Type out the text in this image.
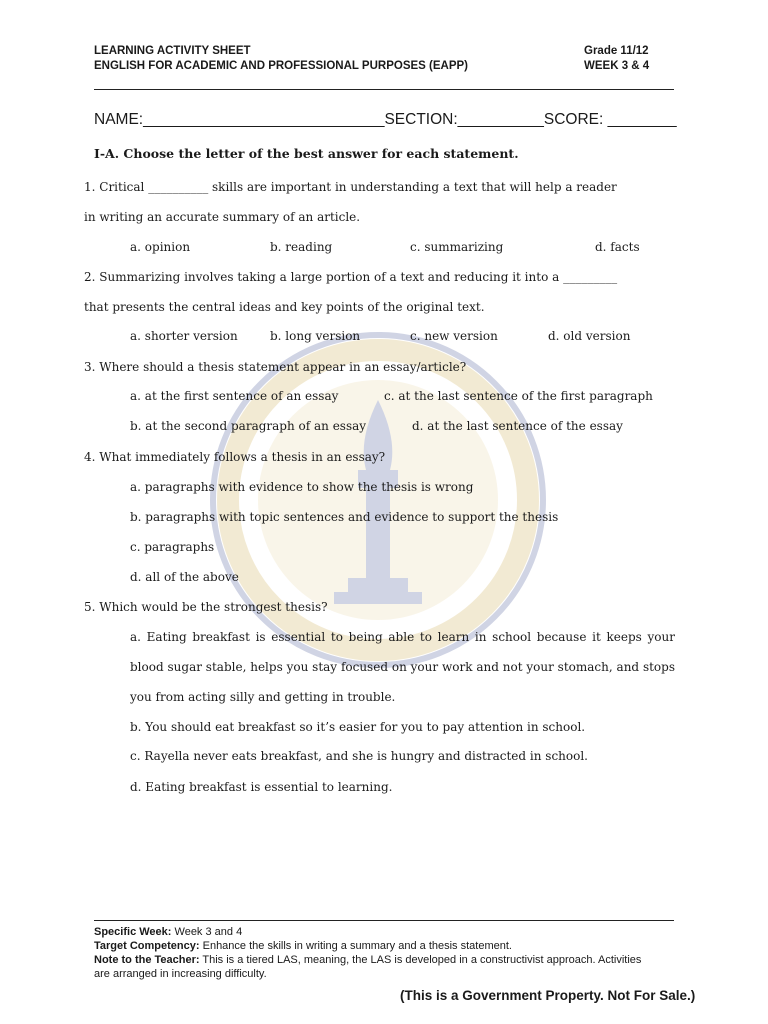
LEARNING ACTIVITY SHEET	Grade 11/12
ENGLISH FOR ACADEMIC AND PROFESSIONAL PURPOSES (EAPP)	WEEK 3 & 4
NAME:____________________________SECTION:__________SCORE: ________
I-A. Choose the letter of the best answer for each statement.
1. Critical __________ skills are important in understanding a text that will help a reader
in writing an accurate summary of an article.
a. opinion	b. reading	c. summarizing	d. facts
2. Summarizing involves taking a large portion of a text and reducing it into a _________
that presents the central ideas and key points of the original text.
a. shorter version	b. long version	c. new version	d. old version
3. Where should a thesis statement appear in an essay/article?
a. at the first sentence of an essay	c. at the last sentence of the first paragraph
b. at the second paragraph of an essay	d. at the last sentence of the essay
4. What immediately follows a thesis in an essay?
a. paragraphs with evidence to show the thesis is wrong
b. paragraphs with topic sentences and evidence to support the thesis
c. paragraphs
d. all of the above
5. Which would be the strongest thesis?
a. Eating breakfast is essential to being able to learn in school because it keeps your blood sugar stable, helps you stay focused on your work and not your stomach, and stops you from acting silly and getting in trouble.
b. You should eat breakfast so it’s easier for you to pay attention in school.
c. Rayella never eats breakfast, and she is hungry and distracted in school.
d. Eating breakfast is essential to learning.
Specific Week: Week 3 and 4
Target Competency: Enhance the skills in writing a summary and a thesis statement.
Note to the Teacher: This is a tiered LAS, meaning, the LAS is developed in a constructivist approach. Activities are arranged in increasing difficulty.
(This is a Government Property. Not For Sale.)
